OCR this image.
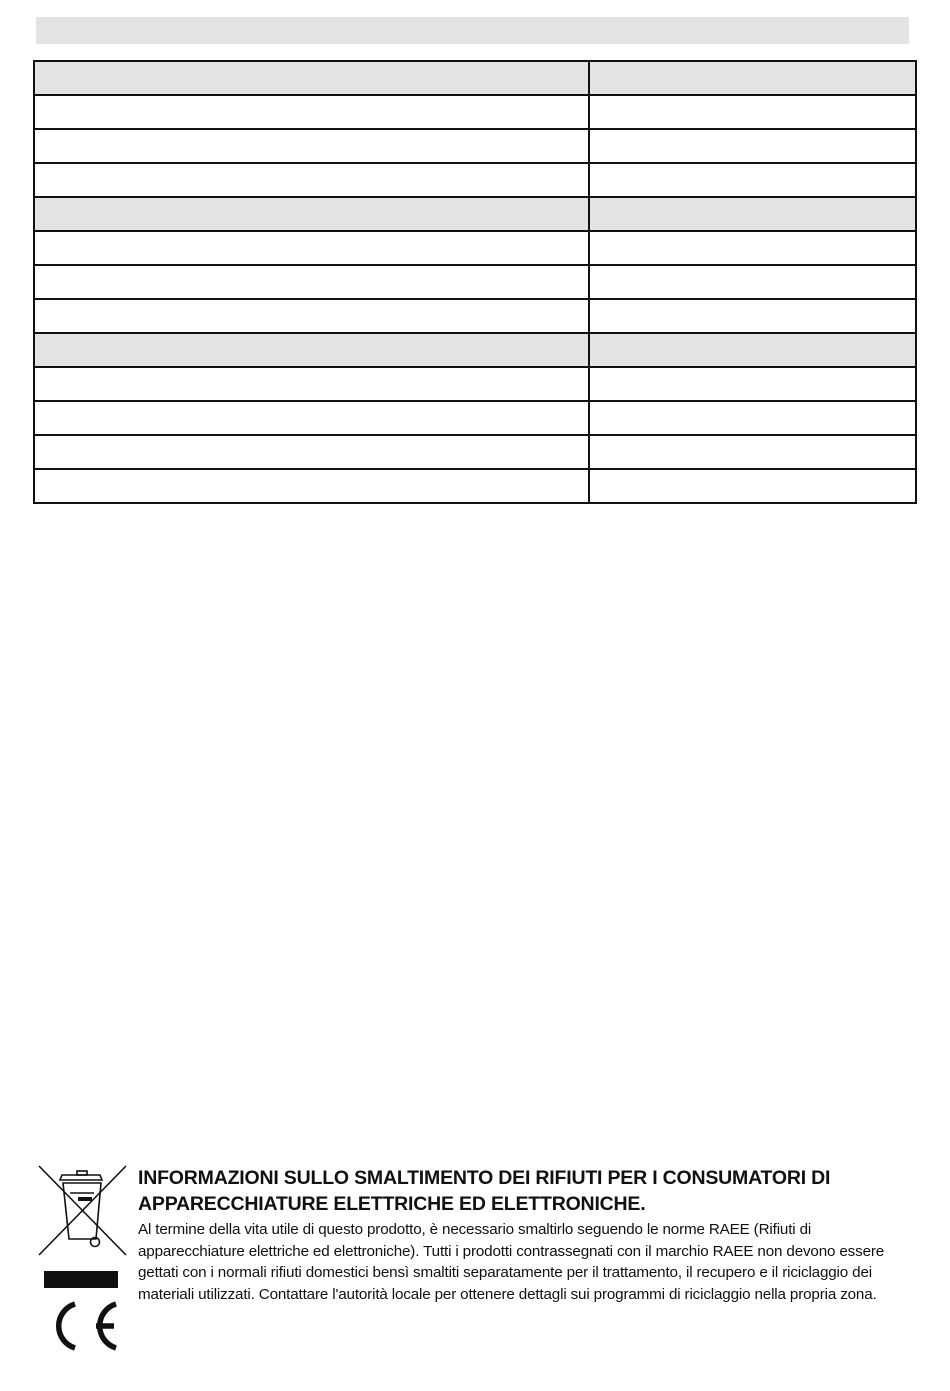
INFORMAZIONI SULLO SMALTIMENTO DEI RIFIUTI PER I CONSUMATORI DI
APPARECCHIATURE ELETTRICHE ED ELETTRONICHE.

Al termine della vita utile di questo prodotto, è necessario smaltirlo seguendo le norme RAEE (Rifiuti di apparecchiature elettriche ed elettroniche). Tutti i prodotti contrassegnati con il marchio RAEE non devono essere gettati con i normali rifiuti domestici bensì smaltiti separatamente per il trattamento, il recupero e il riciclaggio dei materiali utilizzati. Contattare l'autorità locale per ottenere dettagli sui programmi di riciclaggio nella propria zona.
